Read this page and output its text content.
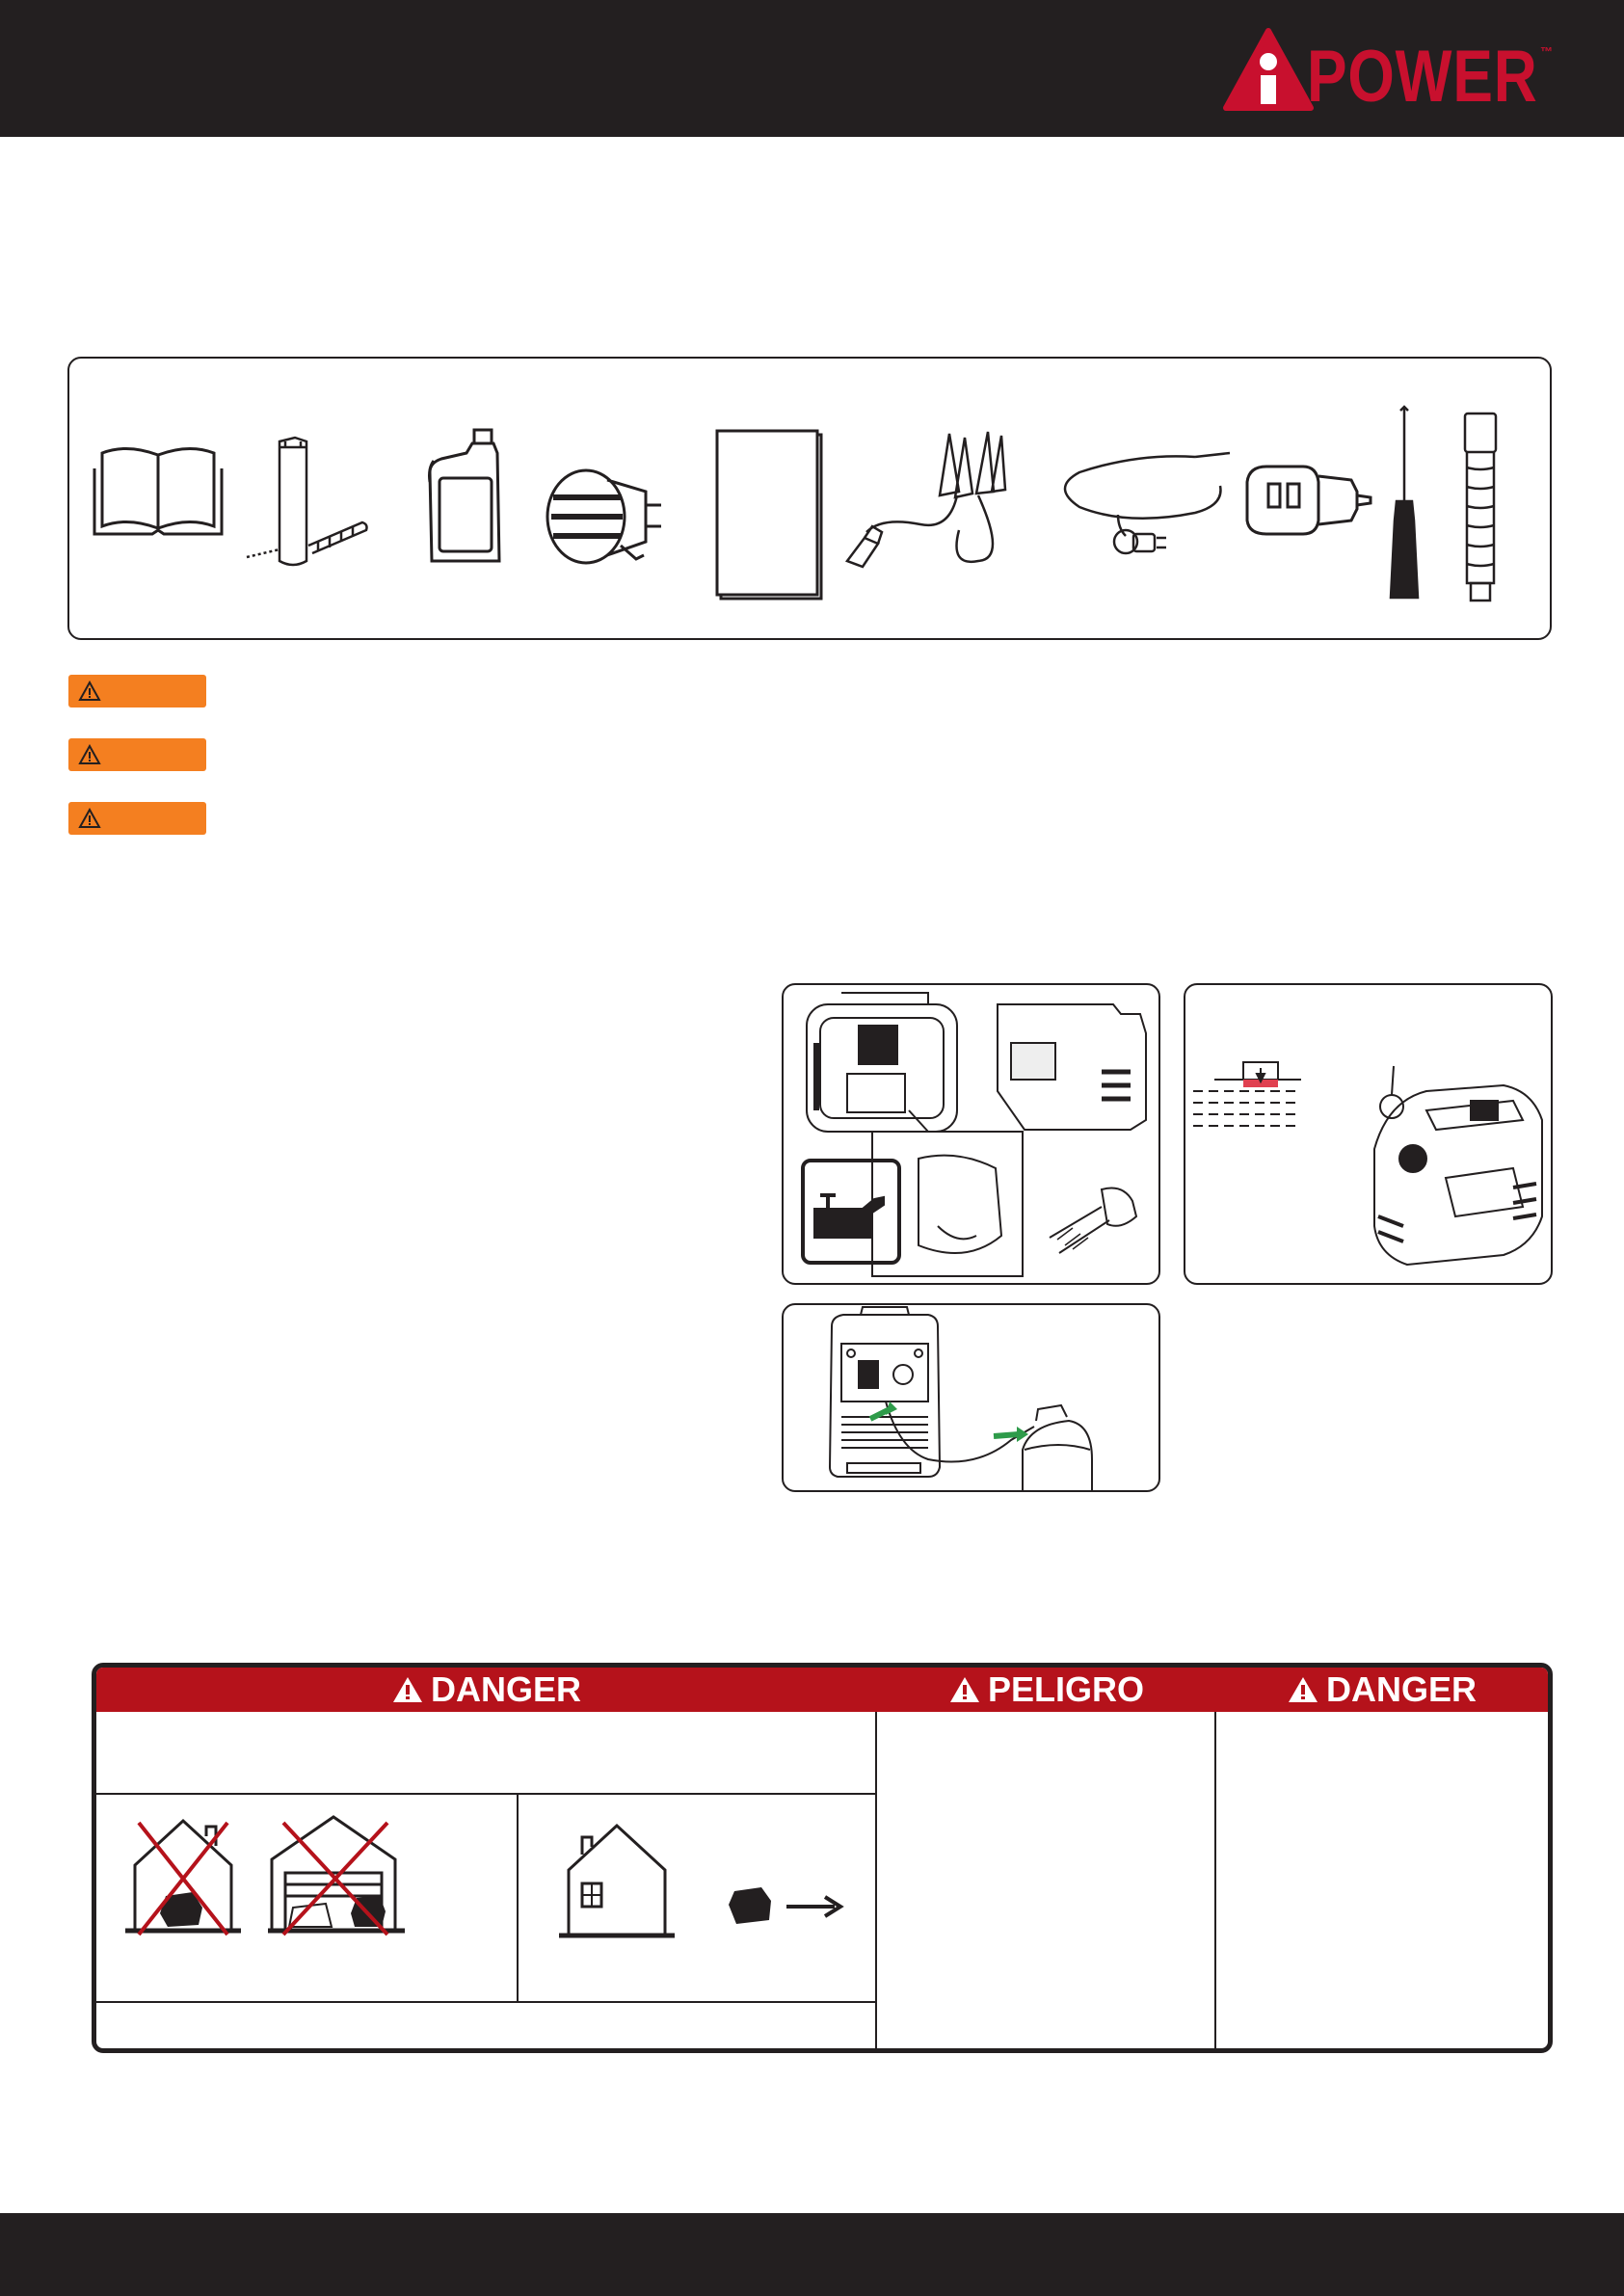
POWER ™
DANGER	PELIGRO	DANGER
